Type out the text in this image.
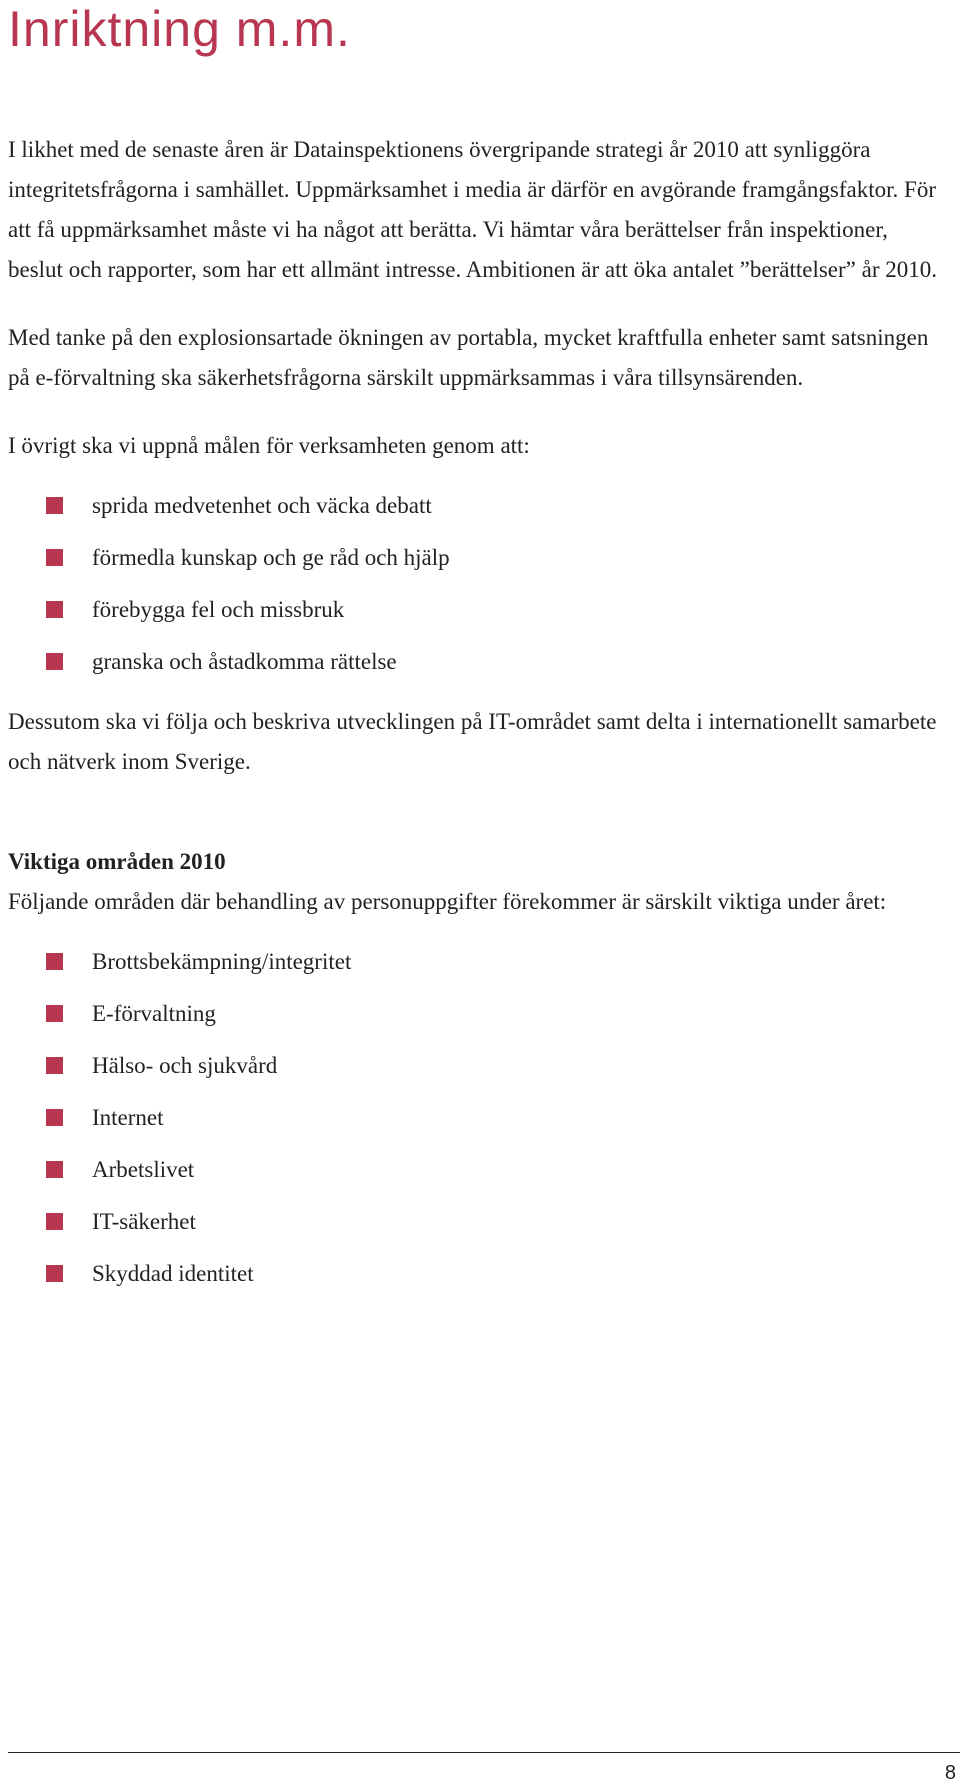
Inriktning m.m.

I likhet med de senaste åren är Datainspektionens övergripande strategi år 2010 att synliggöra integritetsfrågorna i samhället. Uppmärksamhet i media är därför en avgörande framgångsfaktor. För att få uppmärksamhet måste vi ha något att berätta. Vi hämtar våra berättelser från inspektioner, beslut och rapporter, som har ett allmänt intresse. Ambitionen är att öka antalet ”berättelser” år 2010.

Med tanke på den explosionsartade ökningen av portabla, mycket kraftfulla enheter samt satsningen på e-förvaltning ska säkerhetsfrågorna särskilt uppmärksammas i våra tillsynsärenden.

I övrigt ska vi uppnå målen för verksamheten genom att:

sprida medvetenhet och väcka debatt
förmedla kunskap och ge råd och hjälp
förebygga fel och missbruk
granska och åstadkomma rättelse

Dessutom ska vi följa och beskriva utvecklingen på IT-området samt delta i internationellt samarbete och nätverk inom Sverige.

Viktiga områden 2010

Följande områden där behandling av personuppgifter förekommer är särskilt viktiga under året:

Brottsbekämpning/integritet
E-förvaltning
Hälso- och sjukvård
Internet
Arbetslivet
IT-säkerhet
Skyddad identitet
8
